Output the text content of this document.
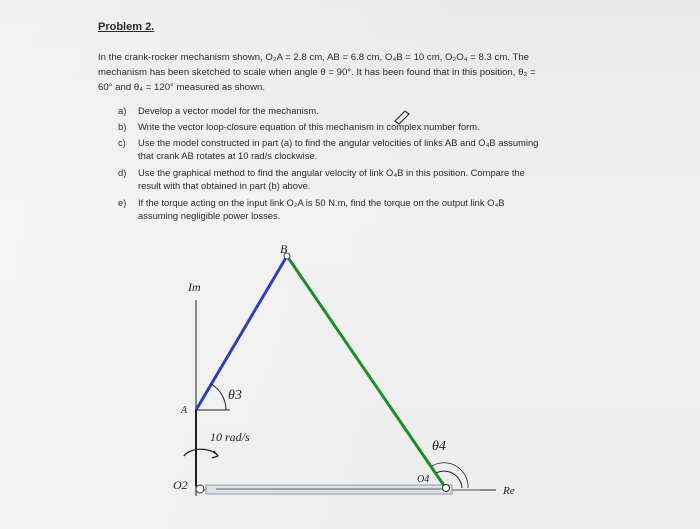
Problem 2.
In the crank-rocker mechanism shown, O₂A = 2.8 cm, AB = 6.8 cm, O₄B = 10 cm, O₂O₄ = 8.3 cm. The
mechanism has been sketched to scale when angle θ = 90°. It has been found that in this position, θ₃ =
60° and θ₄ = 120° measured as shown.
a)	Develop a vector model for the mechanism.
b)	Write the vector loop-closure equation of this mechanism in complex number form.
c)	Use the model constructed in part (a) to find the angular velocities of links AB and O₄B assuming
that crank AB rotates at 10 rad/s clockwise.
d)	Use the graphical method to find the angular velocity of link O₄B in this position. Compare the
result with that obtained in part (b) above.
e)	If the torque acting on the input link O₂A is 50 N.m, find the torque on the output link O₄B
assuming negligible power losses.
B
Im
A
θ3
10 rad/s
θ4
O4
O2	Re
